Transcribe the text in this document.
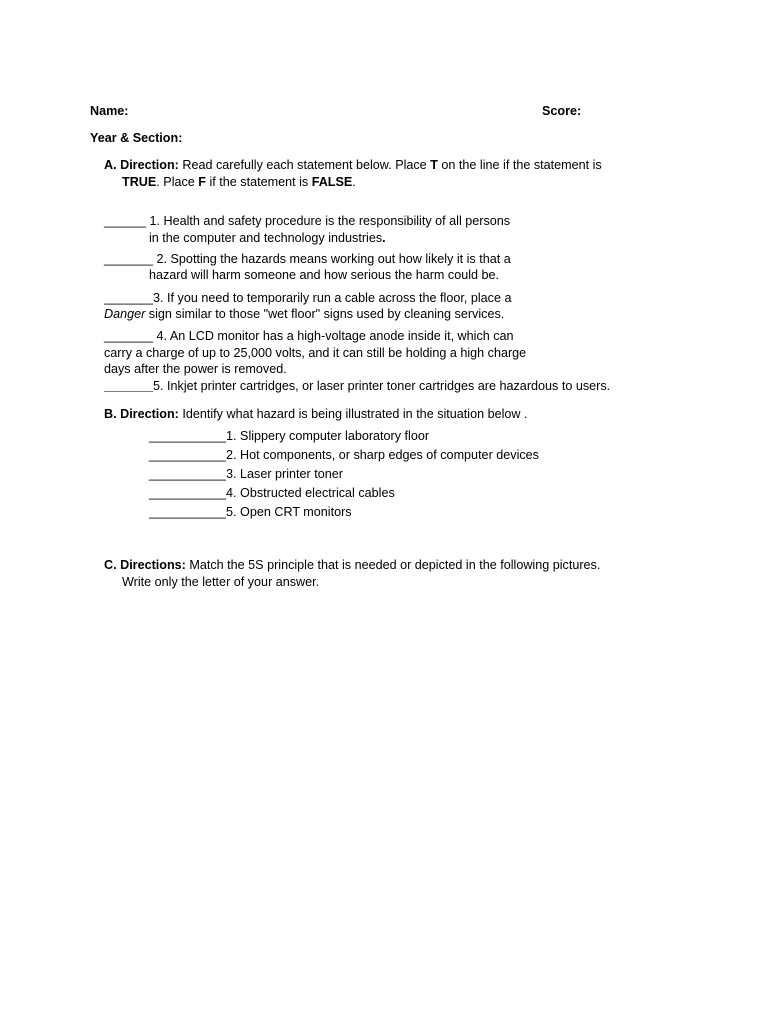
Name:	Score:
Year & Section:
A. Direction: Read carefully each statement below. Place T on the line if the statement is
TRUE. Place F if the statement is FALSE.
______ 1. Health and safety procedure is the responsibility of all persons
in the computer and technology industries.
_______ 2. Spotting the hazards means working out how likely it is that a
hazard will harm someone and how serious the harm could be.
_______3. If you need to temporarily run a cable across the floor, place a
Danger sign similar to those "wet floor" signs used by cleaning services.
_______ 4. An LCD monitor has a high-voltage anode inside it, which can
carry a charge of up to 25,000 volts, and it can still be holding a high charge
days after the power is removed.
_______5. Inkjet printer cartridges, or laser printer toner cartridges are hazardous to users.
B. Direction: Identify what hazard is being illustrated in the situation below .
___________1. Slippery computer laboratory floor
___________2. Hot components, or sharp edges of computer devices
___________3. Laser printer toner
___________4. Obstructed electrical cables
___________5. Open CRT monitors
C. Directions: Match the 5S principle that is needed or depicted in the following pictures.
Write only the letter of your answer.
